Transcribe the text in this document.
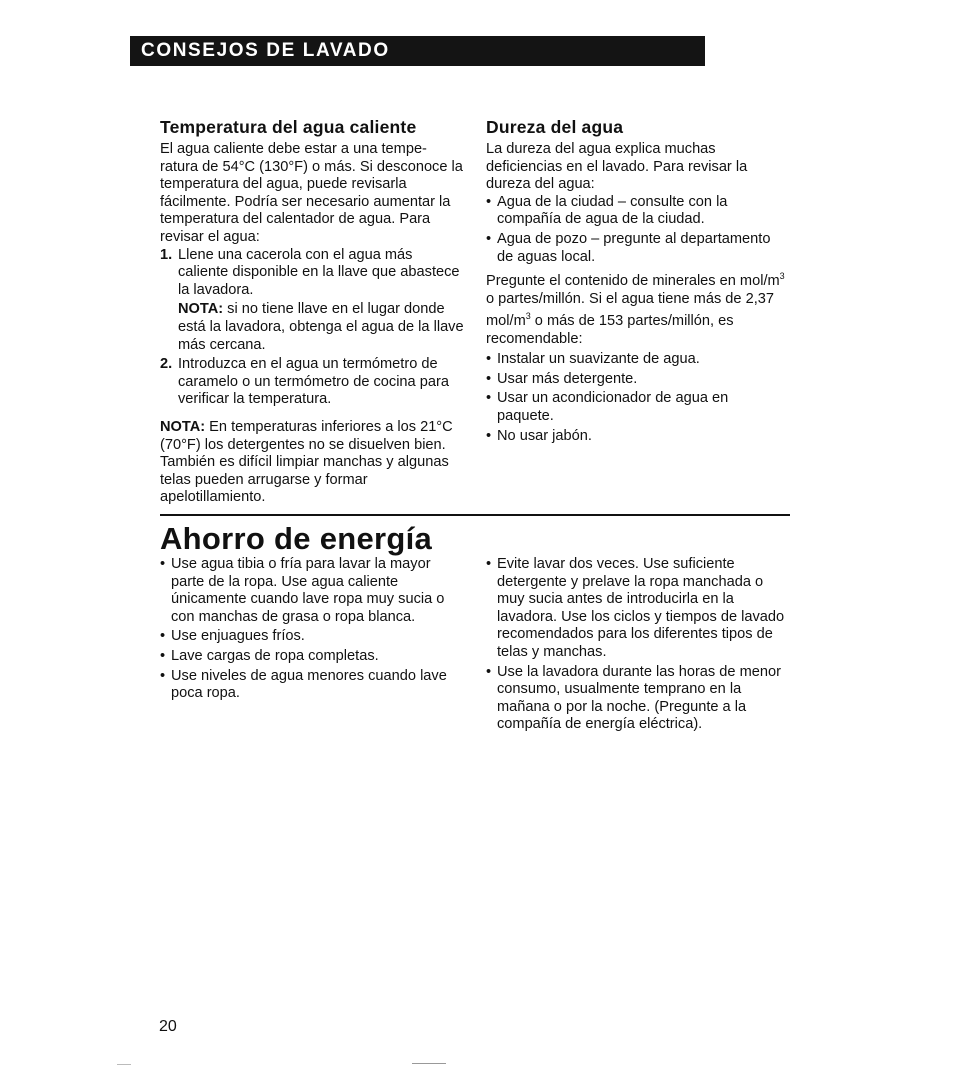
CONSEJOS DE LAVADO
Temperatura del agua caliente

El agua caliente debe estar a una tempe- ratura de 54°C (130°F) o más. Si desconoce la temperatura del agua, puede revisarla fácilmente. Podría ser necesario aumentar la temperatura del calentador de agua. Para revisar el agua:

1. Llene una cacerola con el agua más caliente disponible en la llave que abastece la lavadora.
NOTA: si no tiene llave en el lugar donde está la lavadora, obtenga el agua de la llave más cercana.
2. Introduzca en el agua un termómetro de caramelo o un termómetro de cocina para verificar la temperatura.

NOTA: En temperaturas inferiores a los 21°C (70°F) los detergentes no se disuelven bien. También es difícil limpiar manchas y algunas telas pueden arrugarse y formar apelotillamiento.

Dureza del agua

La dureza del agua explica muchas deficiencias en el lavado. Para revisar la dureza del agua:

• Agua de la ciudad – consulte con la compañía de agua de la ciudad.
• Agua de pozo – pregunte al departamento de aguas local.

Pregunte el contenido de minerales en mol/$m^3$ o partes/millón. Si el agua tiene más de 2,37 mol/$m^3$ o más de 153 partes/millón, es recomendable:

• Instalar un suavizante de agua.
• Usar más detergente.
• Usar un acondicionador de agua en paquete.
• No usar jabón.
Ahorro de energía
• Use agua tibia o fría para lavar la mayor parte de la ropa. Use agua caliente únicamente cuando lave ropa muy sucia o con manchas de grasa o ropa blanca.
• Use enjuagues fríos.
• Lave cargas de ropa completas.
• Use niveles de agua menores cuando lave poca ropa.
• Evite lavar dos veces. Use suficiente detergente y prelave la ropa manchada o muy sucia antes de introducirla en la lavadora. Use los ciclos y tiempos de lavado recomendados para los diferentes tipos de telas y manchas.
• Use la lavadora durante las horas de menor consumo, usualmente temprano en la mañana o por la noche. (Pregunte a la compañía de energía eléctrica).
20
